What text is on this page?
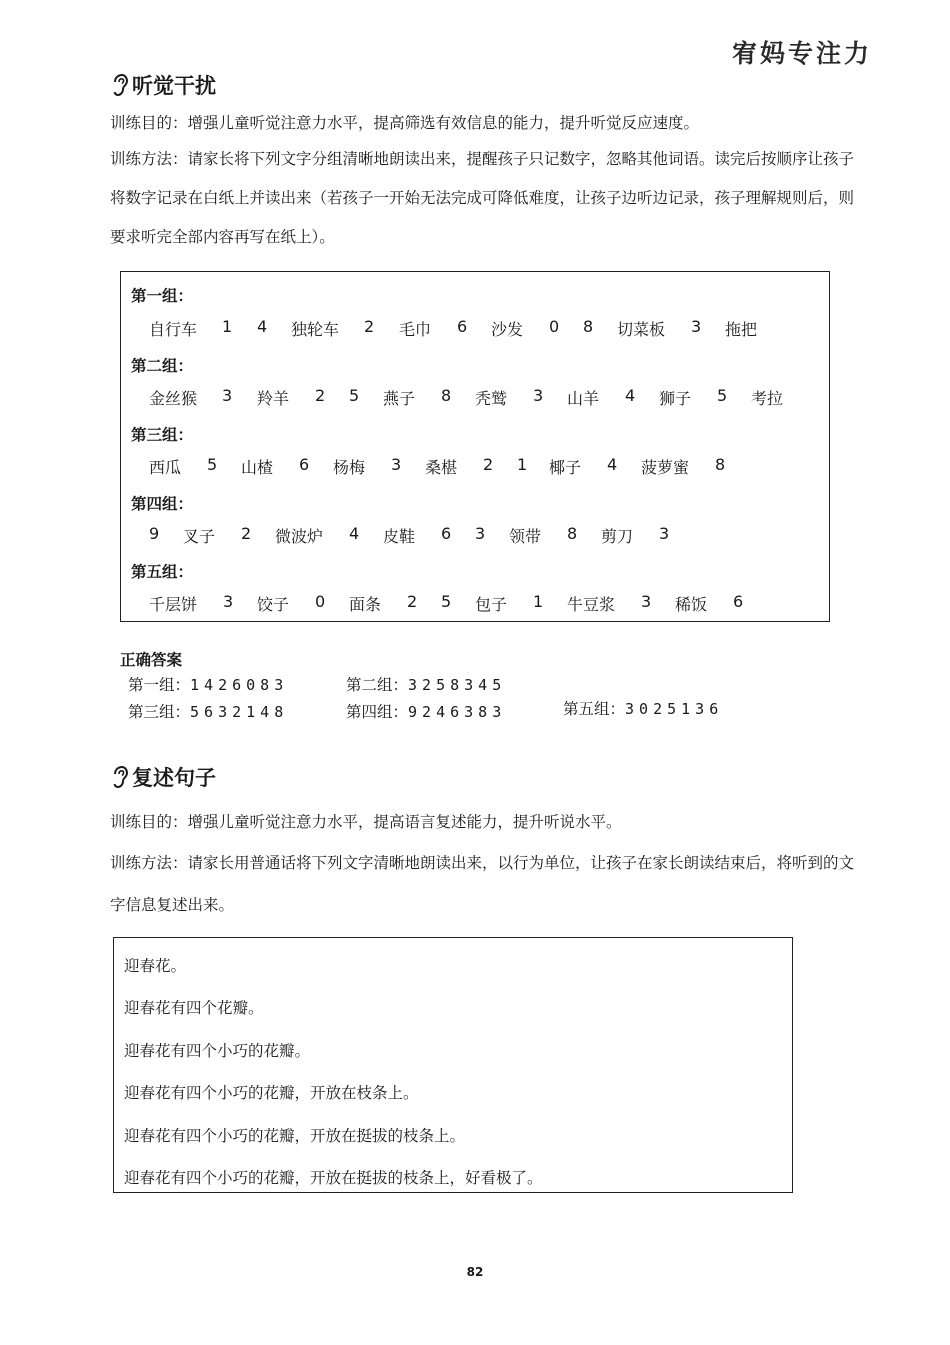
宥妈专注力
听觉干扰
训练目的：增强儿童听觉注意力水平，提高筛选有效信息的能力，提升听觉反应速度。
训练方法：请家长将下列文字分组清晰地朗读出来，提醒孩子只记数字，忽略其他词语。读完后按顺序让孩子将数字记录在白纸上并读出来（若孩子一开始无法完成可降低难度，让孩子边听边记录，孩子理解规则后，则要求听完全部内容再写在纸上）。
第一组：
自行车 1 4 独轮车 2 毛巾 6 沙发 0 8 切菜板 3 拖把
第二组：
金丝猴 3 羚羊 2 5 燕子 8 秃鹫 3 山羊 4 狮子 5 考拉
第三组：
西瓜 5 山楂 6 杨梅 3 桑椹 2 1 椰子 4 菠萝蜜 8
第四组：
9 叉子 2 微波炉 4 皮鞋 6 3 领带 8 剪刀 3
第五组：
千层饼 3 饺子 0 面条 2 5 包子 1 牛豆浆 3 稀饭 6
正确答案
第一组：1426083	第二组：3258345
第三组：5632148	第四组：9246383	第五组：3025136
复述句子
训练目的：增强儿童听觉注意力水平，提高语言复述能力，提升听说水平。
训练方法：请家长用普通话将下列文字清晰地朗读出来，以行为单位，让孩子在家长朗读结束后，将听到的文字信息复述出来。
迎春花。
迎春花有四个花瓣。
迎春花有四个小巧的花瓣。
迎春花有四个小巧的花瓣，开放在枝条上。
迎春花有四个小巧的花瓣，开放在挺拔的枝条上。
迎春花有四个小巧的花瓣，开放在挺拔的枝条上，好看极了。
82
